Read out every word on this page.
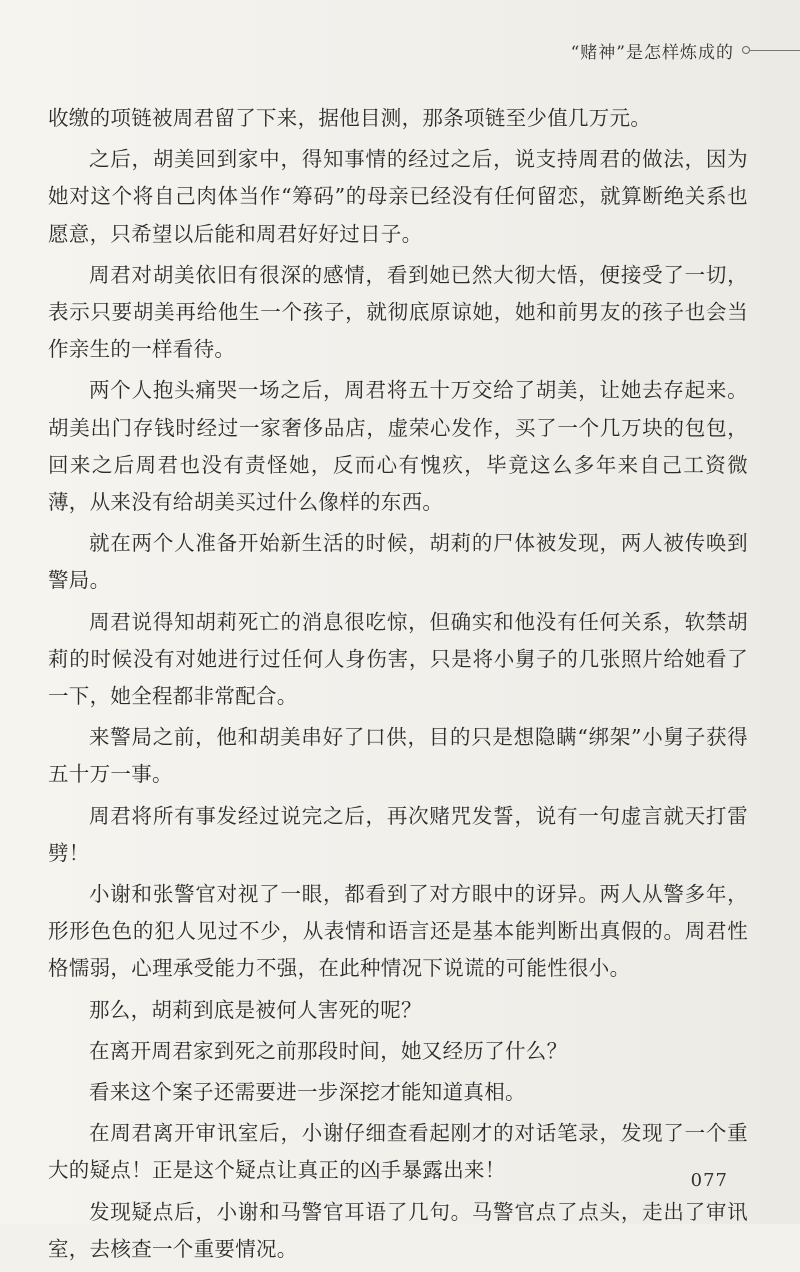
“赌神”是怎样炼成的

收缴的项链被周君留了下来，据他目测，那条项链至少值几万元。

之后，胡美回到家中，得知事情的经过之后，说支持周君的做法，因为她对这个将自己肉体当作“筹码”的母亲已经没有任何留恋，就算断绝关系也愿意，只希望以后能和周君好好过日子。

周君对胡美依旧有很深的感情，看到她已然大彻大悟，便接受了一切，表示只要胡美再给他生一个孩子，就彻底原谅她，她和前男友的孩子也会当作亲生的一样看待。

两个人抱头痛哭一场之后，周君将五十万交给了胡美，让她去存起来。胡美出门存钱时经过一家奢侈品店，虚荣心发作，买了一个几万块的包包，回来之后周君也没有责怪她，反而心有愧疚，毕竟这么多年来自己工资微薄，从来没有给胡美买过什么像样的东西。

就在两个人准备开始新生活的时候，胡莉的尸体被发现，两人被传唤到警局。

周君说得知胡莉死亡的消息很吃惊，但确实和他没有任何关系，软禁胡莉的时候没有对她进行过任何人身伤害，只是将小舅子的几张照片给她看了一下，她全程都非常配合。

来警局之前，他和胡美串好了口供，目的只是想隐瞒“绑架”小舅子获得五十万一事。

周君将所有事发经过说完之后，再次赌咒发誓，说有一句虚言就天打雷劈！

小谢和张警官对视了一眼，都看到了对方眼中的讶异。两人从警多年，形形色色的犯人见过不少，从表情和语言还是基本能判断出真假的。周君性格懦弱，心理承受能力不强，在此种情况下说谎的可能性很小。

那么，胡莉到底是被何人害死的呢？

在离开周君家到死之前那段时间，她又经历了什么？

看来这个案子还需要进一步深挖才能知道真相。

在周君离开审讯室后，小谢仔细查看起刚才的对话笔录，发现了一个重大的疑点！正是这个疑点让真正的凶手暴露出来！

发现疑点后，小谢和马警官耳语了几句。马警官点了点头，走出了审讯室，去核查一个重要情况。

077
